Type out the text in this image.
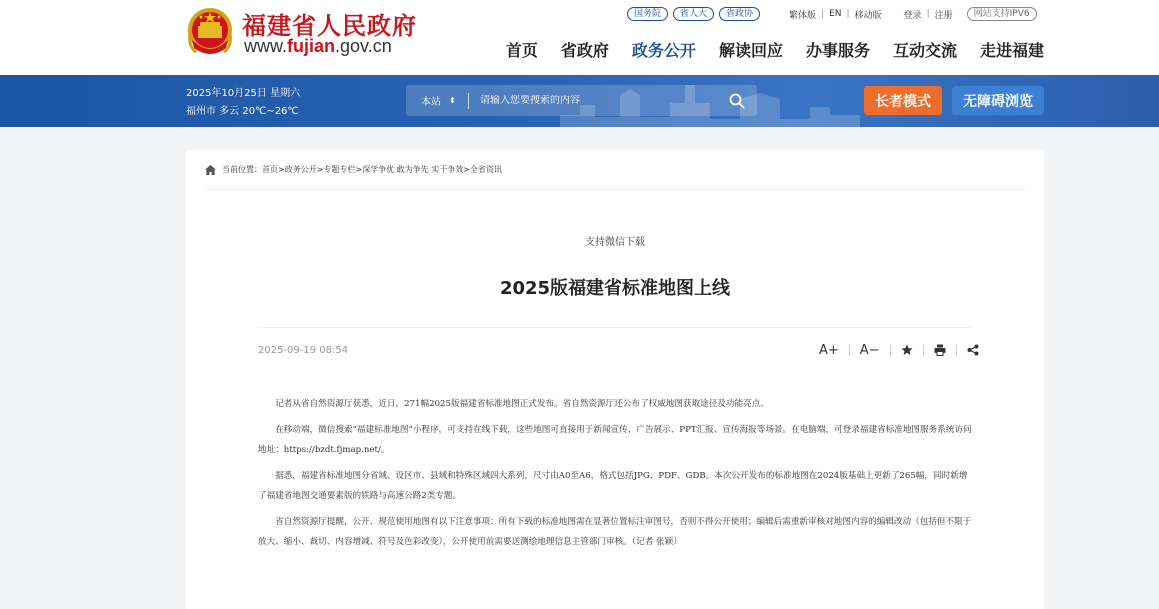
福建省人民政府
www.fujian.gov.cn
国务院	省人大	省政协	繁体版 | EN | 移动版 登录 | 注册	网站支持IPV6
首页 省政府 政务公开 解读回应 办事服务 互动交流 走进福建
2025年10月25日 星期六
福州市 多云 20℃~26℃
本站 ⬍
请输入您要搜索的内容	长者模式	无障碍浏览
当前位置： 首页 > 政务公开 > 专题专栏 > 深学争优 敢为争先 实干争效 > 全省资讯
支持微信下载
2025版福建省标准地图上线
2025-09-19 08:54	A+ A−

记者从省自然资源厅获悉，近日，271幅2025版福建省标准地图正式发布。省自然资源厅还公布了权威地图获取途径及功能亮点。

在移动端，微信搜索“福建标准地图”小程序，可支持在线下载，这些地图可直接用于新闻宣传、广告展示、PPT汇报、宣传海报等场景。在电脑端，可登录福建省标准地图服务系统访问地址：https://bzdt.fjmap.net/。

据悉，福建省标准地图分省域、设区市、县域和特殊区域四大系列，尺寸由A0至A6，格式包括JPG、PDF、GDB。本次公开发布的标准地图在2024版基础上更新了265幅，同时新增了福建省地图交通要素版的铁路与高速公路2类专题。

省自然资源厅提醒，公开、规范使用地图有以下注意事项：所有下载的标准地图需在显著位置标注审图号，否则不得公开使用；编辑后需重新审核对地图内容的编辑改动（包括但不限于放大、缩小、裁切、内容增减、符号及色彩改变），公开使用前需要送测绘地理信息主管部门审核。（记者 张颖）
